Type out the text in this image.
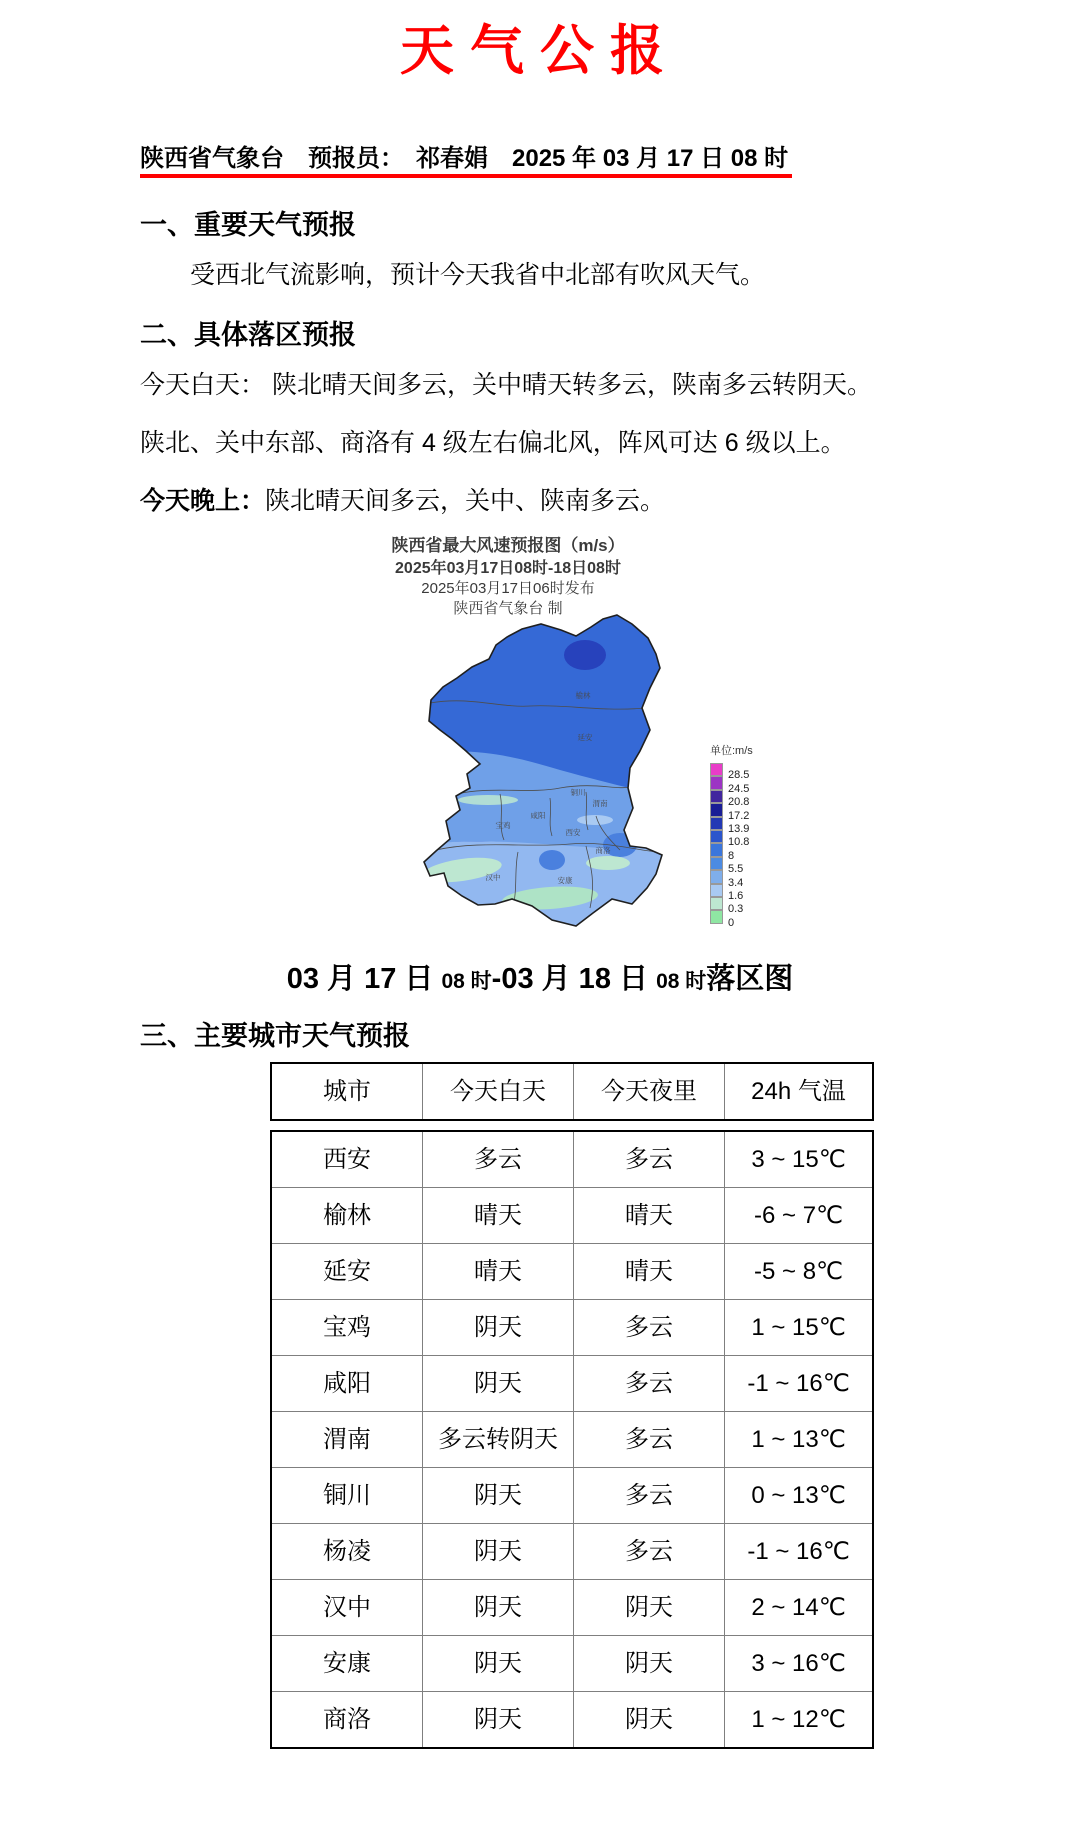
天气公报
陕西省气象台　预报员：　祁春娟　2025 年 03 月 17 日 08 时
一、重要天气预报
受西北气流影响，预计今天我省中北部有吹风天气。
二、具体落区预报
今天白天： 陕北晴天间多云，关中晴天转多云，陕南多云转阴天。
陕北、关中东部、商洛有 4 级左右偏北风，阵风可达 6 级以上。
今天晚上：陕北晴天间多云，关中、陕南多云。
陕西省最大风速预报图（m/s）
2025年03月17日08时-18日08时
2025年03月17日06时发布
陕西省气象台 制
榆林
延安
铜川
渭南
咸阳
西安
宝鸡
商洛
汉中	安康
单位:m/s
28.5
24.5
20.8
17.2
13.9
10.8
8
5.5
3.4
1.6
0.3
0
03 月 17 日 08 时-03 月 18 日 08 时落区图
三、主要城市天气预报
城市	今天白天	今天夜里	24h 气温
西安	多云	多云	3 ~ 15℃
榆林	晴天	晴天	-6 ~ 7℃
延安	晴天	晴天	-5 ~ 8℃
宝鸡	阴天	多云	1 ~ 15℃
咸阳	阴天	多云	-1 ~ 16℃
渭南	多云转阴天	多云	1 ~ 13℃
铜川	阴天	多云	0 ~ 13℃
杨凌	阴天	多云	-1 ~ 16℃
汉中	阴天	阴天	2 ~ 14℃
安康	阴天	阴天	3 ~ 16℃
商洛	阴天	阴天	1 ~ 12℃
